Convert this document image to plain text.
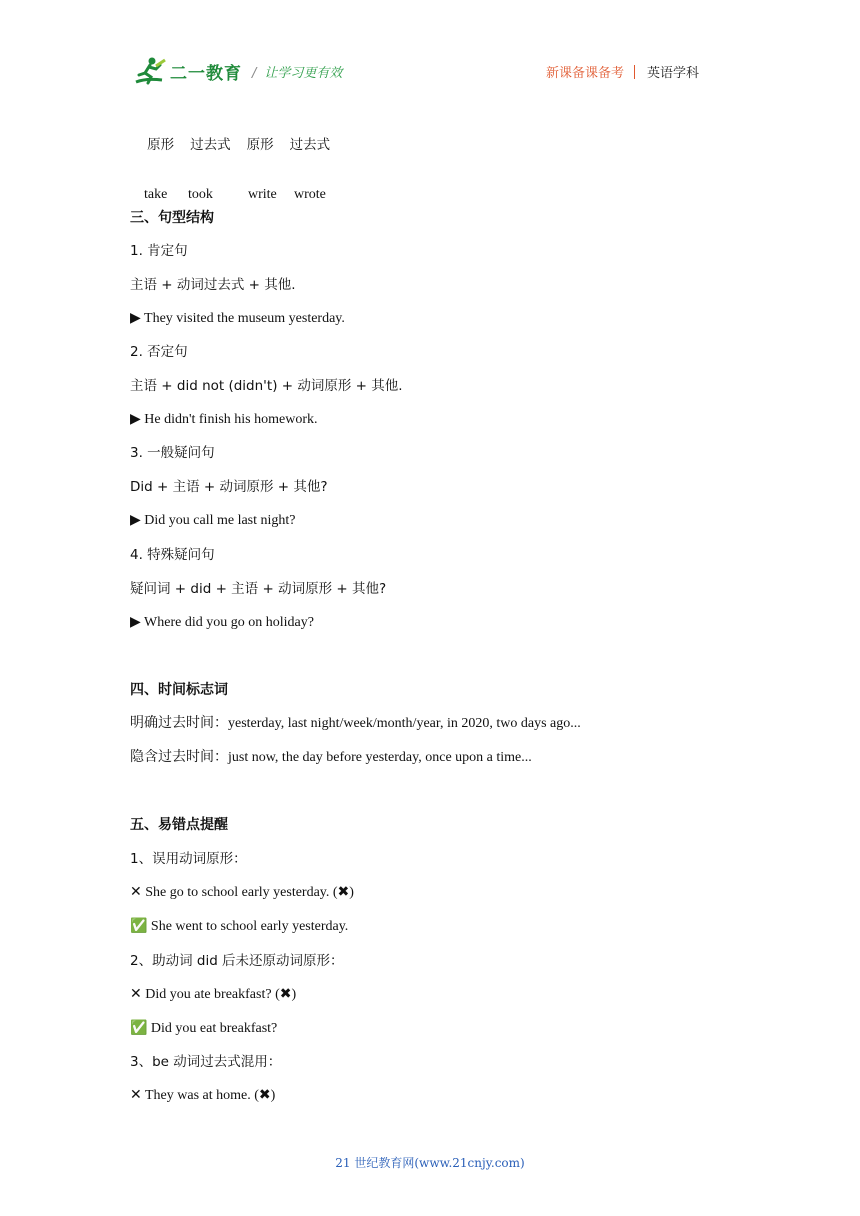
二一教育 / 让学习更有效	新课备课备考 英语学科

原形 过去式 原形 过去式

take took	write wrote

三、句型结构
1. 肯定句
主语 + 动词过去式 + 其他.
▶ They visited the museum yesterday.
2. 否定句
主语 + did not (didn't) + 动词原形 + 其他.
▶ He didn't finish his homework.
3. 一般疑问句
Did + 主语 + 动词原形 + 其他?
▶ Did you call me last night?
4. 特殊疑问句
疑问词 + did + 主语 + 动词原形 + 其他?
▶ Where did you go on holiday?
四、时间标志词
明确过去时间：yesterday, last night/week/month/year, in 2020, two days ago...
隐含过去时间：just now, the day before yesterday, once upon a time...
五、易错点提醒
1、误用动词原形：
✕ She go to school early yesterday. (✖)
✅ She went to school early yesterday.
2、助动词 did 后未还原动词原形：
✕ Did you ate breakfast? (✖)
✅ Did you eat breakfast?
3、be 动词过去式混用：
✕ They was at home. (✖)
21 世纪教育网(www.21cnjy.com)
